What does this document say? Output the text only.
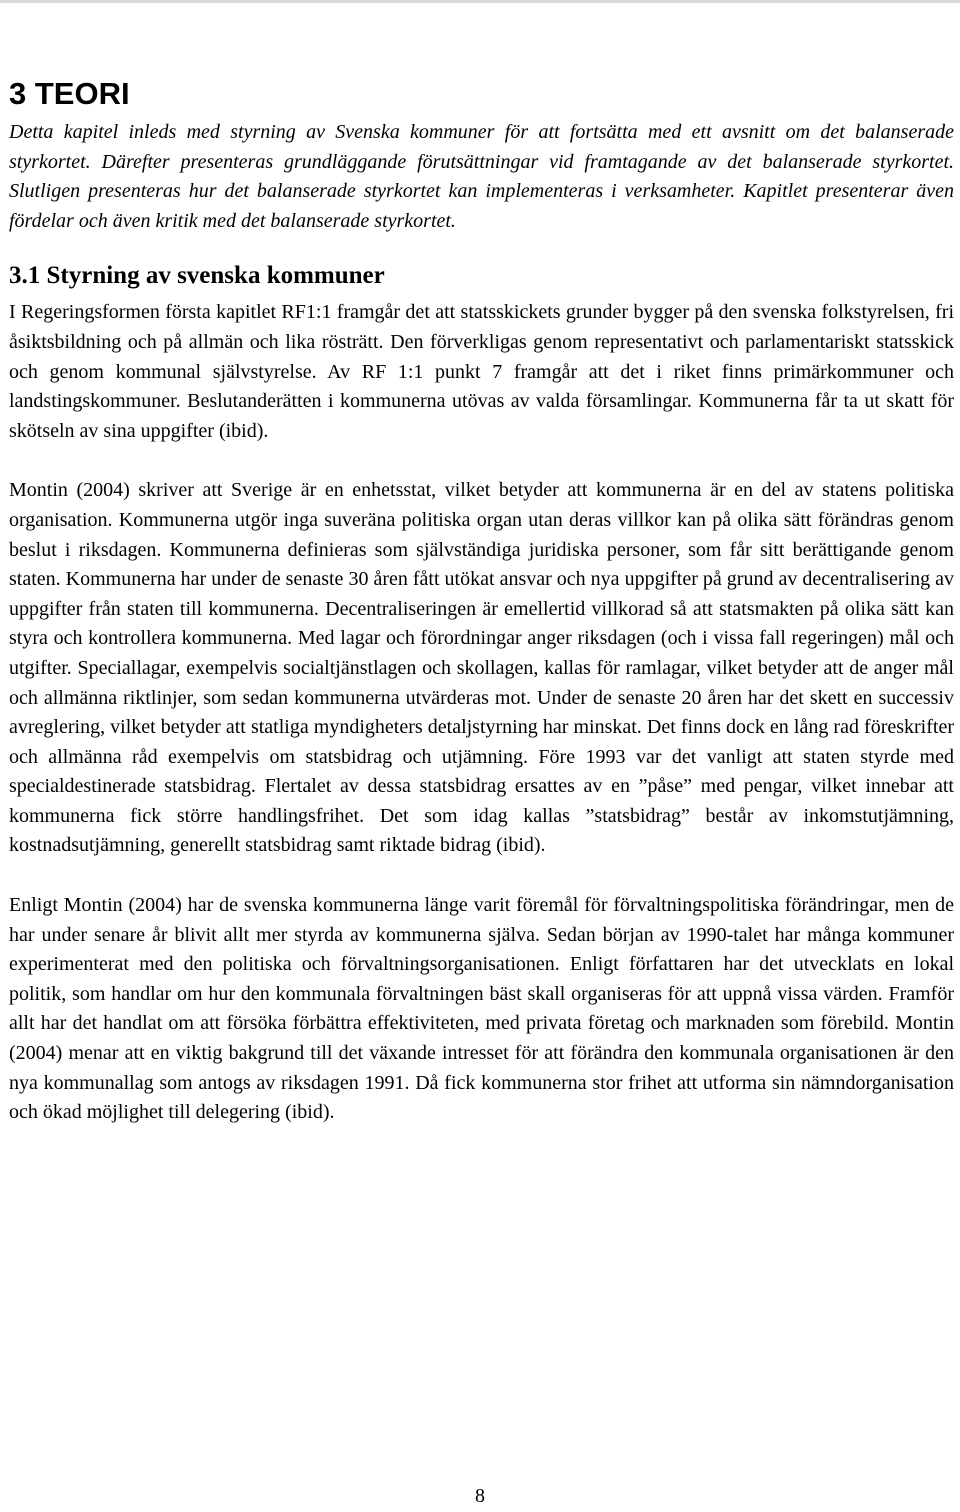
3 TEORI

Detta kapitel inleds med styrning av Svenska kommuner för att fortsätta med ett avsnitt om det balanserade styrkortet. Därefter presenteras grundläggande förutsättningar vid framtagande av det balanserade styrkortet. Slutligen presenteras hur det balanserade styrkortet kan implementeras i verksamheter. Kapitlet presenterar även fördelar och även kritik med det balanserade styrkortet.

3.1 Styrning av svenska kommuner

I Regeringsformen första kapitlet RF1:1 framgår det att statsskickets grunder bygger på den svenska folkstyrelsen, fri åsiktsbildning och på allmän och lika rösträtt. Den förverkligas genom representativt och parlamentariskt statsskick och genom kommunal självstyrelse. Av RF 1:1 punkt 7 framgår att det i riket finns primärkommuner och landstingskommuner. Beslutanderätten i kommunerna utövas av valda församlingar. Kommunerna får ta ut skatt för skötseln av sina uppgifter (ibid).

Montin (2004) skriver att Sverige är en enhetsstat, vilket betyder att kommunerna är en del av statens politiska organisation. Kommunerna utgör inga suveräna politiska organ utan deras villkor kan på olika sätt förändras genom beslut i riksdagen. Kommunerna definieras som självständiga juridiska personer, som får sitt berättigande genom staten. Kommunerna har under de senaste 30 åren fått utökat ansvar och nya uppgifter på grund av decentralisering av uppgifter från staten till kommunerna. Decentraliseringen är emellertid villkorad så att statsmakten på olika sätt kan styra och kontrollera kommunerna. Med lagar och förordningar anger riksdagen (och i vissa fall regeringen) mål och utgifter. Speciallagar, exempelvis socialtjänstlagen och skollagen, kallas för ramlagar, vilket betyder att de anger mål och allmänna riktlinjer, som sedan kommunerna utvärderas mot. Under de senaste 20 åren har det skett en successiv avreglering, vilket betyder att statliga myndigheters detaljstyrning har minskat. Det finns dock en lång rad föreskrifter och allmänna råd exempelvis om statsbidrag och utjämning. Före 1993 var det vanligt att staten styrde med specialdestinerade statsbidrag. Flertalet av dessa statsbidrag ersattes av en ”påse” med pengar, vilket innebar att kommunerna fick större handlingsfrihet. Det som idag kallas ”statsbidrag” består av inkomstutjämning, kostnadsutjämning, generellt statsbidrag samt riktade bidrag (ibid).

Enligt Montin (2004) har de svenska kommunerna länge varit föremål för förvaltningspolitiska förändringar, men de har under senare år blivit allt mer styrda av kommunerna själva. Sedan början av 1990-talet har många kommuner experimenterat med den politiska och förvaltningsorganisationen. Enligt författaren har det utvecklats en lokal politik, som handlar om hur den kommunala förvaltningen bäst skall organiseras för att uppnå vissa värden. Framför allt har det handlat om att försöka förbättra effektiviteten, med privata företag och marknaden som förebild. Montin (2004) menar att en viktig bakgrund till det växande intresset för att förändra den kommunala organisationen är den nya kommunallag som antogs av riksdagen 1991. Då fick kommunerna stor frihet att utforma sin nämndorganisation och ökad möjlighet till delegering (ibid).

8
